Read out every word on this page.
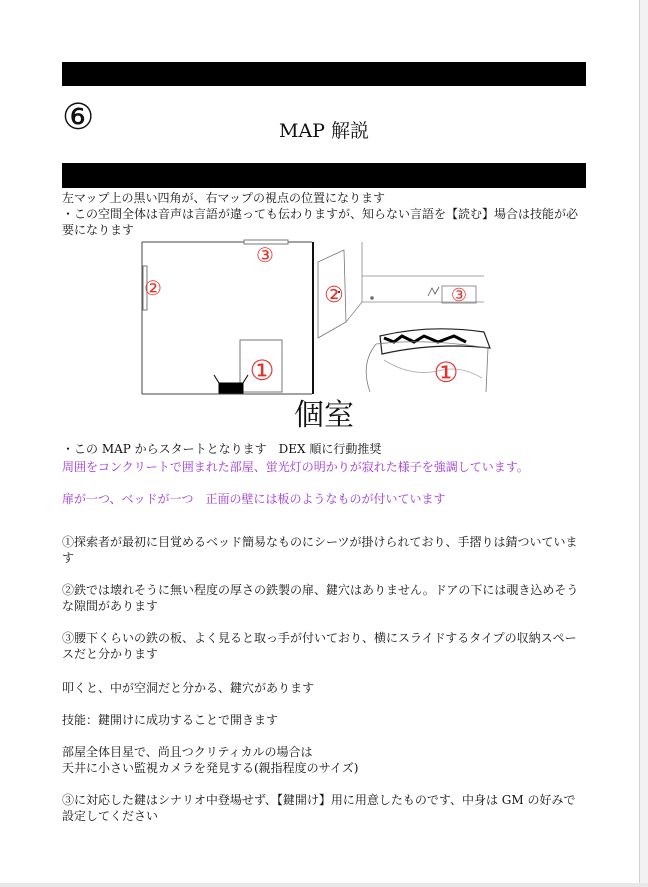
⑥	MAP 解説

左マップ上の黒い四角が、右マップの視点の位置になります

・この空間全体は音声は言語が違っても伝わりますが、知らない言語を【読む】場合は技能が必要になります

①
②
③
②	③
①
個室

・この MAP からスタートとなります　DEX 順に行動推奨

周囲をコンクリートで囲まれた部屋、蛍光灯の明かりが寂れた様子を強調しています。

扉が一つ、ベッドが一つ　正面の壁には板のようなものが付いています

①探索者が最初に目覚めるベッド簡易なものにシーツが掛けられており、手摺りは錆ついています

②鉄では壊れそうに無い程度の厚さの鉄製の扉、鍵穴はありません。ドアの下には覗き込めそうな隙間があります

③腰下くらいの鉄の板、よく見ると取っ手が付いており、横にスライドするタイプの収納スペースだと分かります

叩くと、中が空洞だと分かる、鍵穴があります

技能：鍵開けに成功することで開きます

部屋全体目星で、尚且つクリティカルの場合は

天井に小さい監視カメラを発見する(親指程度のサイズ)

③に対応した鍵はシナリオ中登場せず、【鍵開け】用に用意したものです、中身は GM の好みで設定してください
